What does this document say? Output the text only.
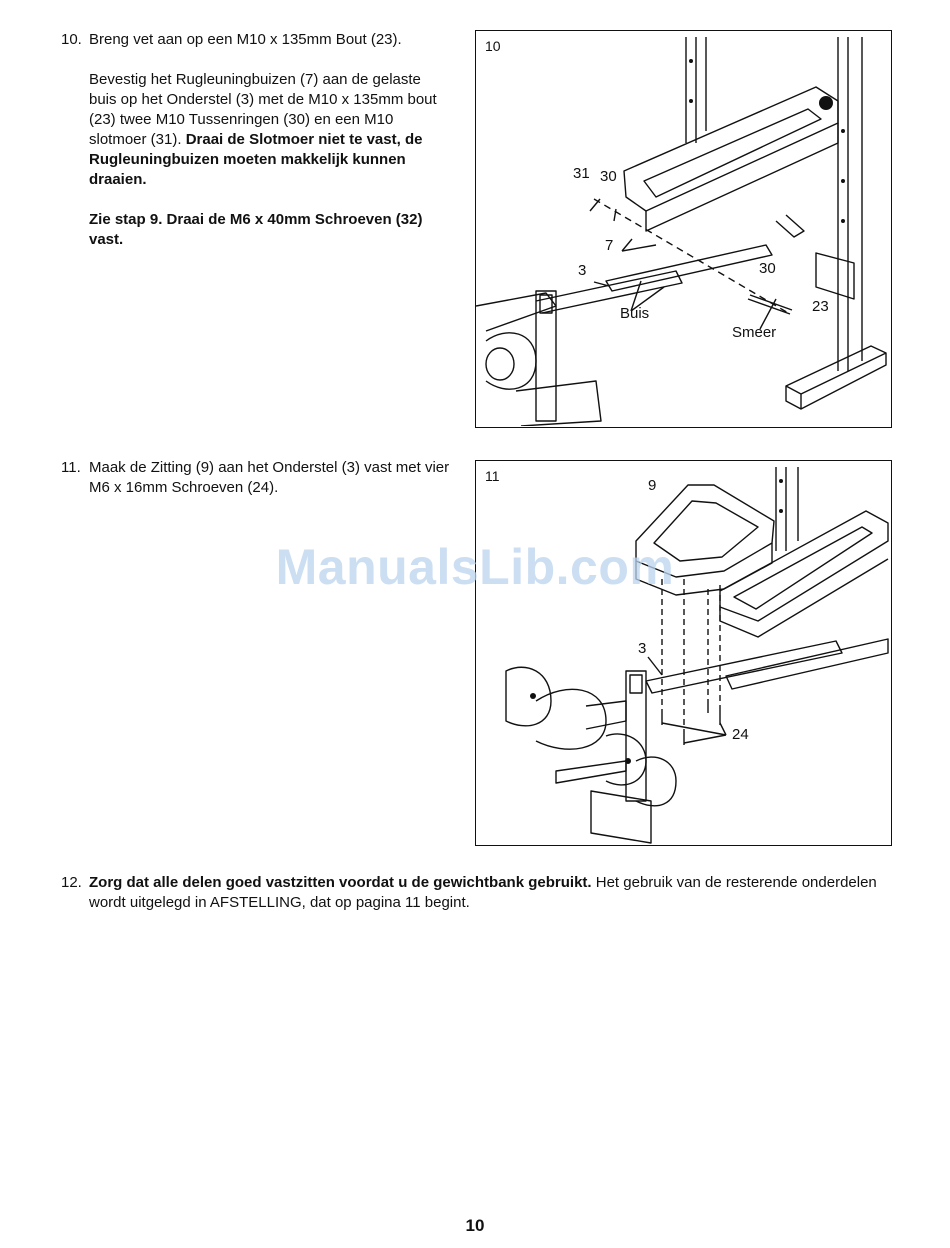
10. Breng vet aan op een M10 x 135mm Bout (23).

Bevestig het Rugleuningbuizen (7) aan de gelaste buis op het Onderstel (3) met de M10 x 135mm bout (23) twee M10 Tussenringen (30) en een M10 slotmoer (31). Draai de Slotmoer niet te vast, de Rugleuningbuizen moeten makkelijk kunnen draaien.

Zie stap 9. Draai de M6 x 40mm Schroeven (32) vast.

10
31 30
7
3	30
23
Buis
Smeer
11. Maak de Zitting (9) aan het Onderstel (3) vast met vier M6 x 16mm Schroeven (24).

11
9
3
24
12. Zorg dat alle delen goed vastzitten voordat u de gewichtbank gebruikt. Het gebruik van de resterende onderdelen wordt uitgelegd in AFSTELLING, dat op pagina 11 begint.

ManualsLib.com
10
